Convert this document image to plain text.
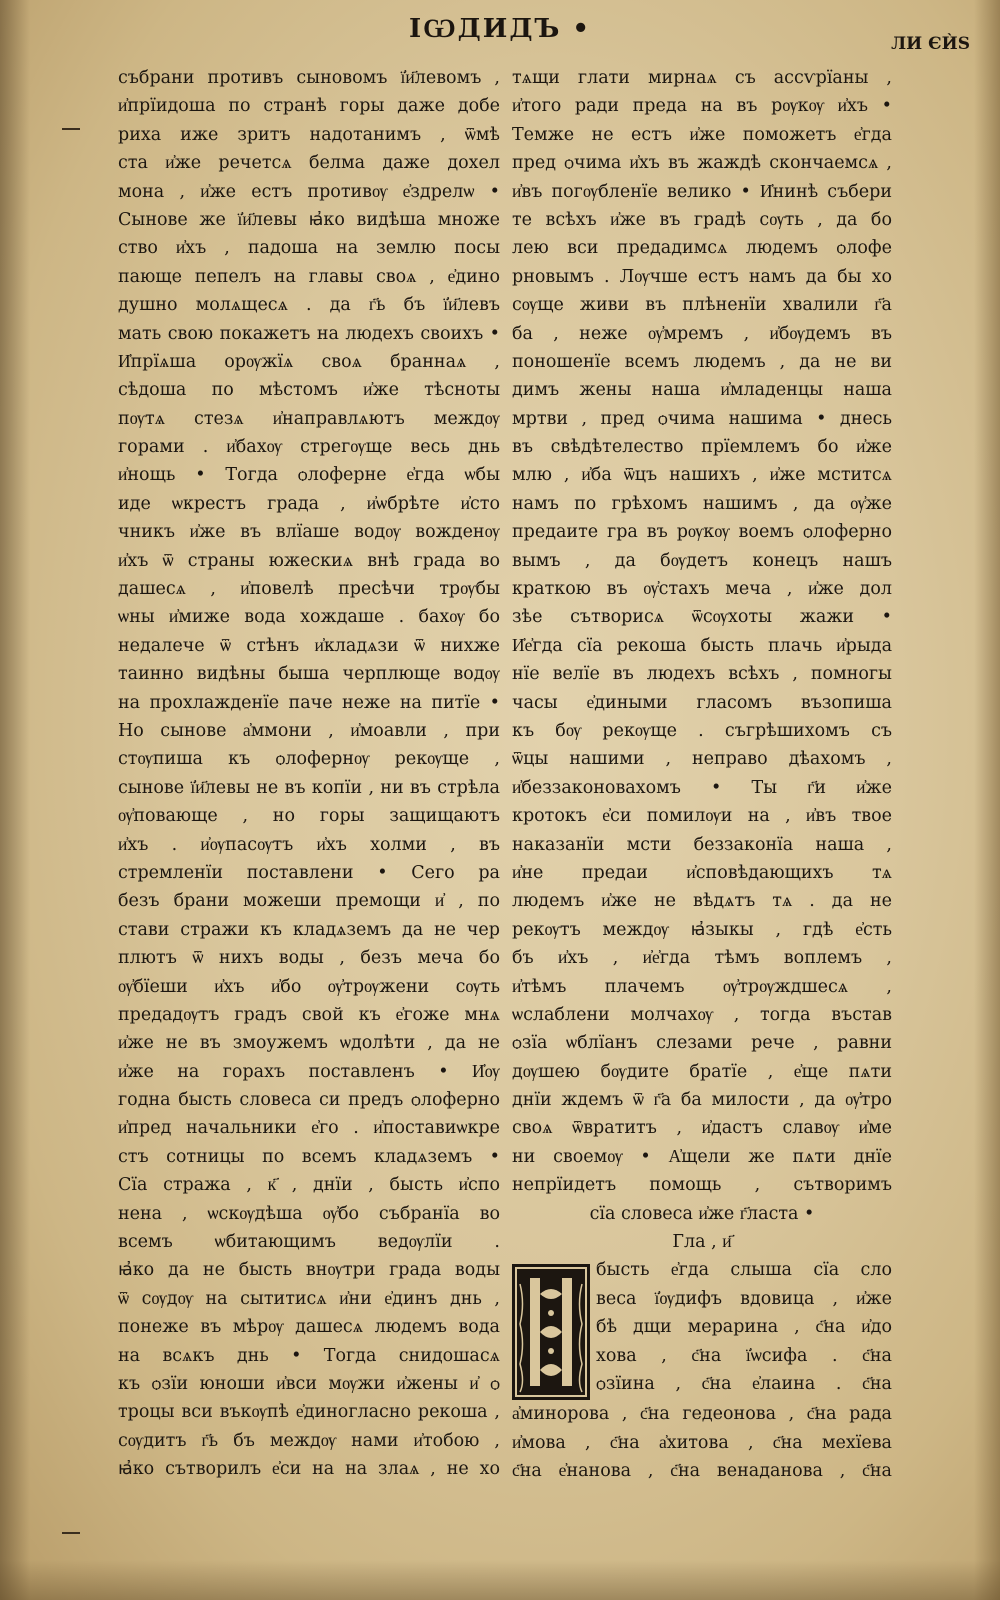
ІѠДИДЪ •	ЛИ ЄЍЅ
събрани противъ сыновомъ ї҆и҃левомъ ,
и҆прїидоша по странѣ горы даже добе
риха иже зритъ надотанимъ , ѿмѣ
ста и҆же речетсѧ белма даже дохел
мона , и҆же естъ противѹ е҆здрелѡ •
Сынове же ї҆и҃левы ꙗ҆ко видѣша множе
ство и҆хъ , падоша на землю посы
пающе пепелъ на главы своѧ , е҆дино
душно молѧщесѧ . да г҃ь бъ ї҆и҃левъ
мать свою покажетъ на людехъ своихъ •
И҆прїѧша орѹжїѧ своѧ браннаѧ ,
сѣдоша по мѣстомъ и҆же тѣсноты
пѹтѧ стезѧ и҆направлѧютъ междѹ
горами . и҆бахѹ стрегѹще весь днь
и҆нощь • Тогда ѻлоферне е҆гда ѡбы
иде ѡкрестъ града , и҆ѡбрѣте и҆сто
чникъ и҆же въ влїаше водѹ вожденѹ
и҆хъ ѿ страны южескиѧ внѣ града во
дашесѧ , и҆повелѣ пресѣчи трѹбы
ѡны и҆миже вода хождаше . бахѹ бо
недалече ѿ стѣнъ и҆кладѧзи ѿ нихже
таинно видѣны быша черплюще водѹ
на прохлажденїе паче неже на питїе •
Но сынове а҆ммони , и҆моавли , при
стѹпиша къ ѻлофернѹ рекѹще ,
сынове ї҆и҃левы не въ копїи , ни въ стрѣла
ѹ҆повающе , но горы защищаютъ
и҆хъ . и҆ѹпасѹтъ и҆хъ холми , въ
стремленїи поставлени • Сего ра
безъ брани можеши премощи и҆ , по
стави стражи къ кладѧземъ да не чер
плютъ ѿ нихъ воды , безъ меча бо
ѹ҆бїеши и҆хъ и҆бо ѹ҆трѹжени сѹть
предадѹтъ градъ свой къ е҆гоже мнѧ
и҆же не въ змоужемъ ѡдолѣти , да не
и҆же на горахъ поставленъ • И҆ѹ
годна бысть словеса си предъ ѻлоферно
и҆пред начальники е҆го . и҆поставиѡкре
стъ сотницы по всемъ кладѧземъ •
Сїа стража , к҃ , днїи , бысть и҆спо
нена , ѡскѹдѣша ѹ҆бо събранїа во
всемъ ѡбитающимъ ведѹлїи .
ꙗ҆ко да не бысть внѹтри града воды
ѿ сѹдѹ на сытитисѧ и҆ни е҆динъ днь ,
понеже въ мѣрѹ дашесѧ людемъ вода
на всѧкъ днь • Тогда снидошасѧ
къ ѻзїи юноши и҆вси мѹжи и҆жены и҆ ѻ
троцы вси въкѹпѣ е҆диногласно рекоша ,
сѹдитъ г҃ь бъ междѹ нами и҆тобою ,
ꙗ҆ко сътворилъ е҆си на на злаѧ , не хо
тѧщи глати мирнаѧ съ ассѵрїаны ,
и҆того ради преда на въ рѹкѹ и҆хъ •
Темже не естъ и҆же поможетъ е҆гда
пред ѻчима и҆хъ въ жаждѣ скончаемсѧ ,
и҆въ погѹбленїе велико • И҆нинѣ събери
те всѣхъ и҆же въ градѣ сѹть , да бо
лею вси предадимсѧ людемъ ѻлофе
рновымъ . Лѹчше естъ намъ да бы хо
сѹще живи въ плѣненїи хвалили г҃а
ба , неже ѹ҆мремъ , и҆бѹдемъ въ
поношенїе всемъ людемъ , да не ви
димъ жены наша и҆младенцы наша
мртви , пред ѻчима нашима • днесь
въ свѣдѣтелество прїемлемъ бо и҆же
млю , и҆ба ѿцъ нашихъ , и҆же мститсѧ
намъ по грѣхомъ нашимъ , да ѹ҆же
предаите гра въ рѹкѹ воемъ ѻлоферно
вымъ , да бѹдетъ конецъ нашъ
краткою въ ѹ҆стахъ меча , и҆же дол
зѣе сътворисѧ ѿсѹхоты жажи •
И҆е҆гда сїа рекоша бысть плачь и҆рыда
нїе велїе въ людехъ всѣхъ , помногы
часы е҆диными гласомъ възопиша
къ бѹ рекѹще . съгрѣшихомъ съ
ѿцы нашими , неправо дѣахомъ ,
и҆беззаконовахомъ • Ты г҃и и҆же
кротокъ е҆си помилѹи на , и҆въ твое
наказанїи мсти беззаконїа наша ,
и҆не предаи и҆сповѣдающихъ тѧ
людемъ и҆же не вѣдѧтъ тѧ . да не
рекѹтъ междѹ ꙗ҆зыкы , гдѣ е҆сть
бъ и҆хъ , и҆е҆гда тѣмъ воплемъ ,
и҆тѣмъ плачемъ ѹ҆трѹждшесѧ ,
ѡслаблени молчахѹ , тогда въстав
ѻзїа ѡблїанъ слезами рече , равни
дѹшею бѹдите братїе , е҆ще пѧти
днїи ждемъ ѿ г҃а ба милости , да ѹ҆тро
своѧ ѿвратитъ , и҆дастъ славѹ и҆ме
ни своемѹ • А҆щели же пѧти днїе
непрїидетъ помощь , сътворимъ
сїа словеса и҆же г҃ласта •
Гла , и҃
бысть е҆гда слыша сїа сло
веса ї҆ѹдифъ вдовица , и҆же
бѣ дщи мерарина , с҃на и҆до
хова , с҃на ї҆ѡсифа . с҃на
ѻзїина , с҃на е҆лаина . с҃на
а҆минорова , с҃на гедеонова , с҃на рада
и҆мова , с҃на а҆хитова , с҃на мехїева
с҃на е҆нанова , с҃на венаданова , с҃на
